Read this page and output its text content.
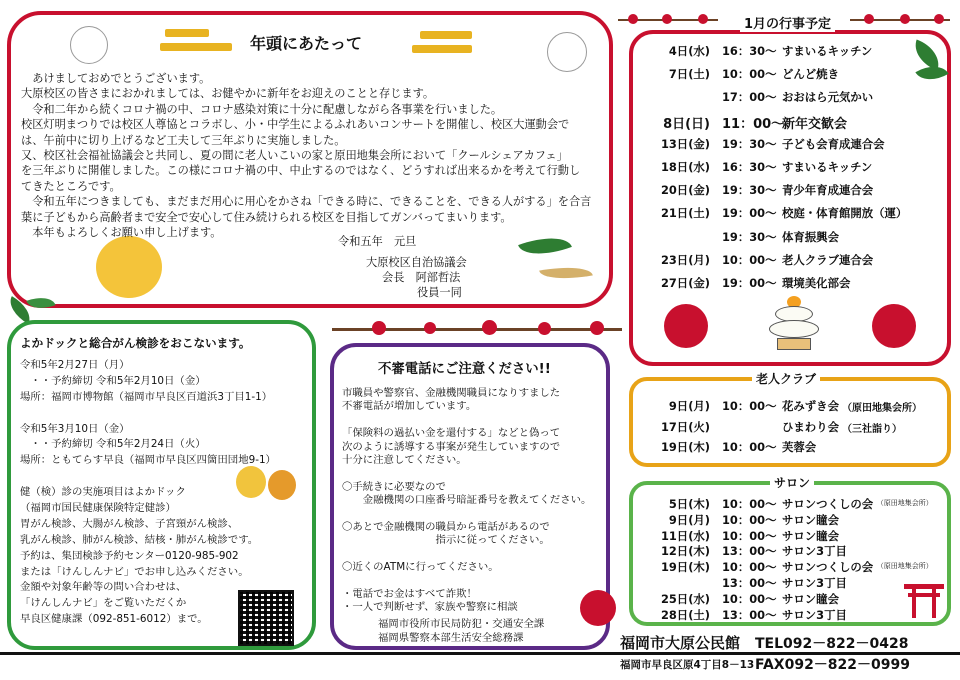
年頭にあたって
　あけましておめでとうございます。
大原校区の皆さまにおかれましては、お健やかに新年をお迎えのことと存じます。
　令和二年から続くコロナ禍の中、コロナ感染対策に十分に配慮しながら各事業を行いました。
校区灯明まつりでは校区人尊協とコラボし、小・中学生によるふれあいコンサートを開催し、校区大運動会で
は、午前中に切り上げるなど工夫して三年ぶりに実施しました。
又、校区社会福祉協議会と共同し、夏の間に老人いこいの家と原田地集会所において「クールシェアカフェ」
を三年ぶりに開催しました。この様にコロナ禍の中、中止するのではなく、どうすれば出来るかを考えて行動し
てきたところです。
　令和五年につきましても、まだまだ用心に用心をかさね「できる時に、できることを、できる人がする」を合言
葉に子どもから高齢者まで安全で安心して住み続けられる校区を目指してガンバってまいります。
　本年もよろしくお願い申し上げます。
令和五年　元旦
大原校区自治協議会
会長　阿部哲法
役員一同
よかドックと総合がん検診をおこないます。
令和5年2月27日（月）
　・・予約締切 令和5年2月10日（金）
場所：福岡市博物館（福岡市早良区百道浜3丁目1-1）
令和5年3月10日（金）
　・・予約締切 令和5年2月24日（火）
場所：ともてらす早良（福岡市早良区四箇田団地9-1）
健（検）診の実施項目はよかドック
（福岡市国民健康保険特定健診）
胃がん検診、大腸がん検診、子宮頸がん検診、
乳がん検診、肺がん検診、結核・肺がん検診です。
予約は、集団検診予約センター0120-985-902
または「けんしんナビ」でお申し込みください。
金額や対象年齢等の問い合わせは、
「けんしんナビ」をご覧いただくか
早良区健康課（092-851-6012）まで。
不審電話にご注意ください!!
市職員や警察官、金融機関職員になりすました
不審電話が増加しています。
「保険料の過払い金を還付する」などと偽って
次のように誘導する事案が発生していますので
十分に注意してください。
〇手続きに必要なので
　　金融機関の口座番号暗証番号を教えてください。
〇あとで金融機関の職員から電話があるので
　　　　　　　　　指示に従ってください。
〇近くのATMに行ってください。
・電話でお金はすべて詐欺！
・一人で判断せず、家族や警察に相談
福岡市役所市民局防犯・交通安全課
福岡県警察本部生活安全総務課
1月の行事予定
4日(水) 16：30～ すまいるキッチン
7日(土) 10：00～ どんど焼き
17：00～ おおはら元気かい
8日(日) 11：00～
新年交歓会
13日(金) 19：30～ 子ども会育成連合会
18日(水) 16：30～ すまいるキッチン
20日(金) 19：30～ 青少年育成連合会
21日(土) 19：00～ 校庭・体育館開放（運）
19：30～ 体育振興会
23日(月) 10：00～ 老人クラブ連合会
27日(金) 19：00～ 環境美化部会
老人クラブ
9日(月) 10：00～ 花みずき会 （原田地集会所）
17日(火)	ひまわり会 （三社詣り）
19日(木) 10：00～ 芙蓉会
サロン
5日(木) 10：00～ サロンつくしの会 （原田地集会所）
9日(月) 10：00～ サロン瞳会
11日(水) 10：00～ サロン瞳会
12日(木) 13：00～ サロン3丁目
19日(木) 10：00～ サロンつくしの会 （原田地集会所）
13：00～ サロン3丁目
25日(水) 10：00～ サロン瞳会
28日(土) 13：00～ サロン3丁目
福岡市大原公民館 TEL092－822－0428
福岡市早良区原4丁目8－13 FAX092－822－0999
